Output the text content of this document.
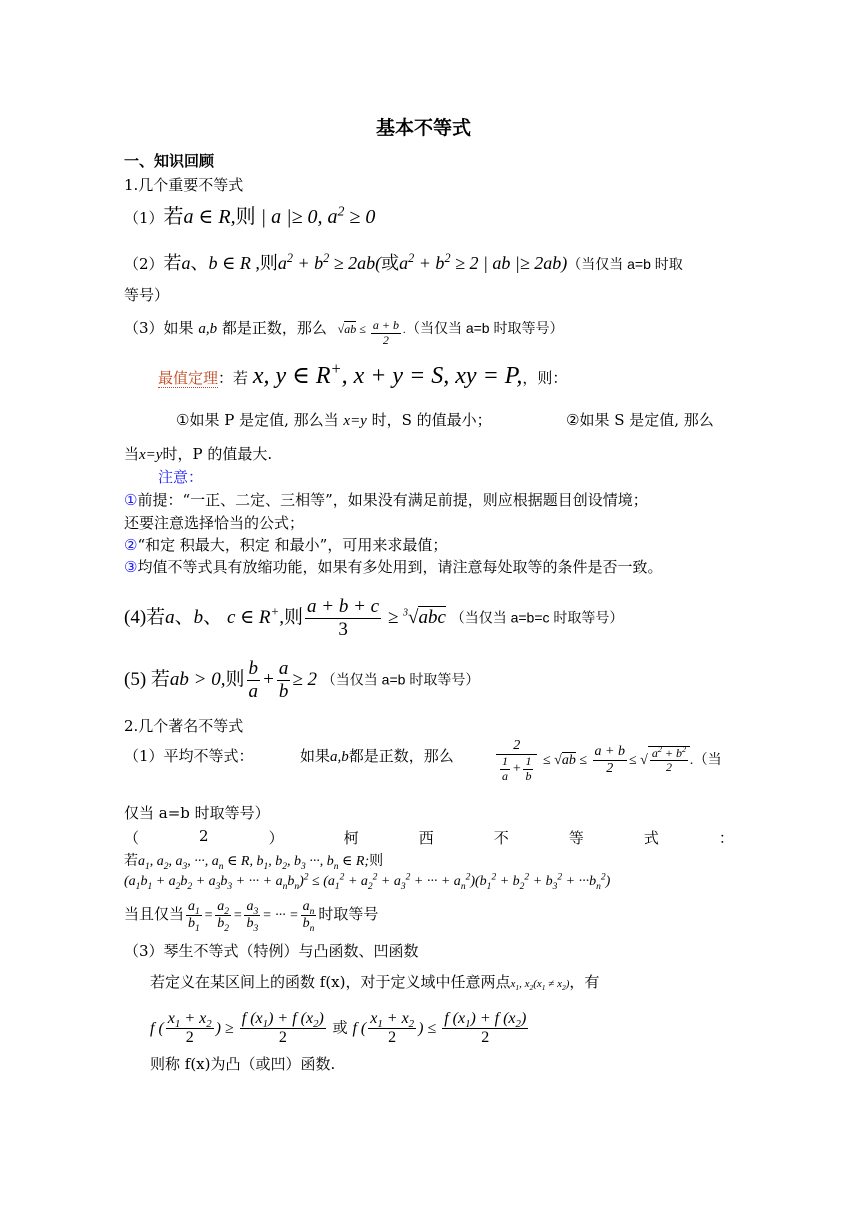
基本不等式
一、知识回顾
1.几个重要不等式
（1）若a ∈ R,则 | a |≥ 0, $a^2 \ge 0$
（2）若a、b ∈ R ,则$a^2 + b^2 \ge 2ab$(或$a^2 + b^2 \ge 2$ | ab |≥ 2ab)（当仅当 a=b 时取
等号）
（3）如果 a,b 都是正数，那么   $√ab \le \frac{a + b}{2}$ .（当仅当 a=b 时取等号）
最值定理：若 x, y ∈ R+, x + y = S, xy = P,，则：
①如果 P 是定值, 那么当 x=y 时，S 的值最小；	②如果 S 是定值, 那么
当x=y时，P 的值最大.
注意：
①前提：“一正、二定、三相等”，如果没有满足前提，则应根据题目创设情境；
还要注意选择恰当的公式；
②“和定 积最大，积定 和最小”，可用来求最值；
③均值不等式具有放缩功能，如果有多处用到，请注意每处取等的条件是否一致。
(4)若a、b、 c ∈ R+,则 $\frac{a + b + c}{3} \ge ^3√abc$ （当仅当 a=b=c 时取等号）
(5) 若ab > 0,则 $\frac{b}{a} + \frac{a}{b} \ge 2$ （当仅当 a=b 时取等号）
2.几个著名不等式
（1）平均不等式：	如果a,b都是正数，那么	$\frac{2}{\frac{1}{a} + \frac{1}{b}} \le √ab \le \frac{a + b}{2}$ ≤ √ $\frac{a^2 + b^2}{2}$ .（当
仅当 a=b 时取等号）
（	2	）	柯	西	不	等	式	：
若$a_1$, $a_2$, $a_3$, ···, $a_n$ ∈ R, $b_1$, $b_2$, $b_3$ ···, $b_n$ ∈ R;则
($a_1b_1 + a_2b_2 + a_3b_3$ + ··· + $a_nb_n)^2 \le (a_1^2 + a_2^2 + a_3^2$ + ··· + $a_n^2)(b_1^2 + b_2^2 + b_3^2 + \cdot\cdot\cdot b_n^2)$
当且仅当 $\frac{a_1}{b_1} = \frac{a_2}{b_2} = \frac{a_3}{b_3}$ = ··· = $\frac{a_n}{b_n}$ 时取等号
（3）琴生不等式（特例）与凸函数、凹函数
若定义在某区间上的函数 f(x)，对于定义域中任意两点$x_1$, $x_2(x_1 \ne x_2)$，有
f ( $\frac{x_1 + x_2}{2}$ ) ≥ $\frac{f (x_1) + f (x_2)}{2}$ 或 f ( $\frac{x_1 + x_2}{2}$ ) ≤ $\frac{f (x_1) + f (x_2)}{2}$
则称 f(x)为凸（或凹）函数.
